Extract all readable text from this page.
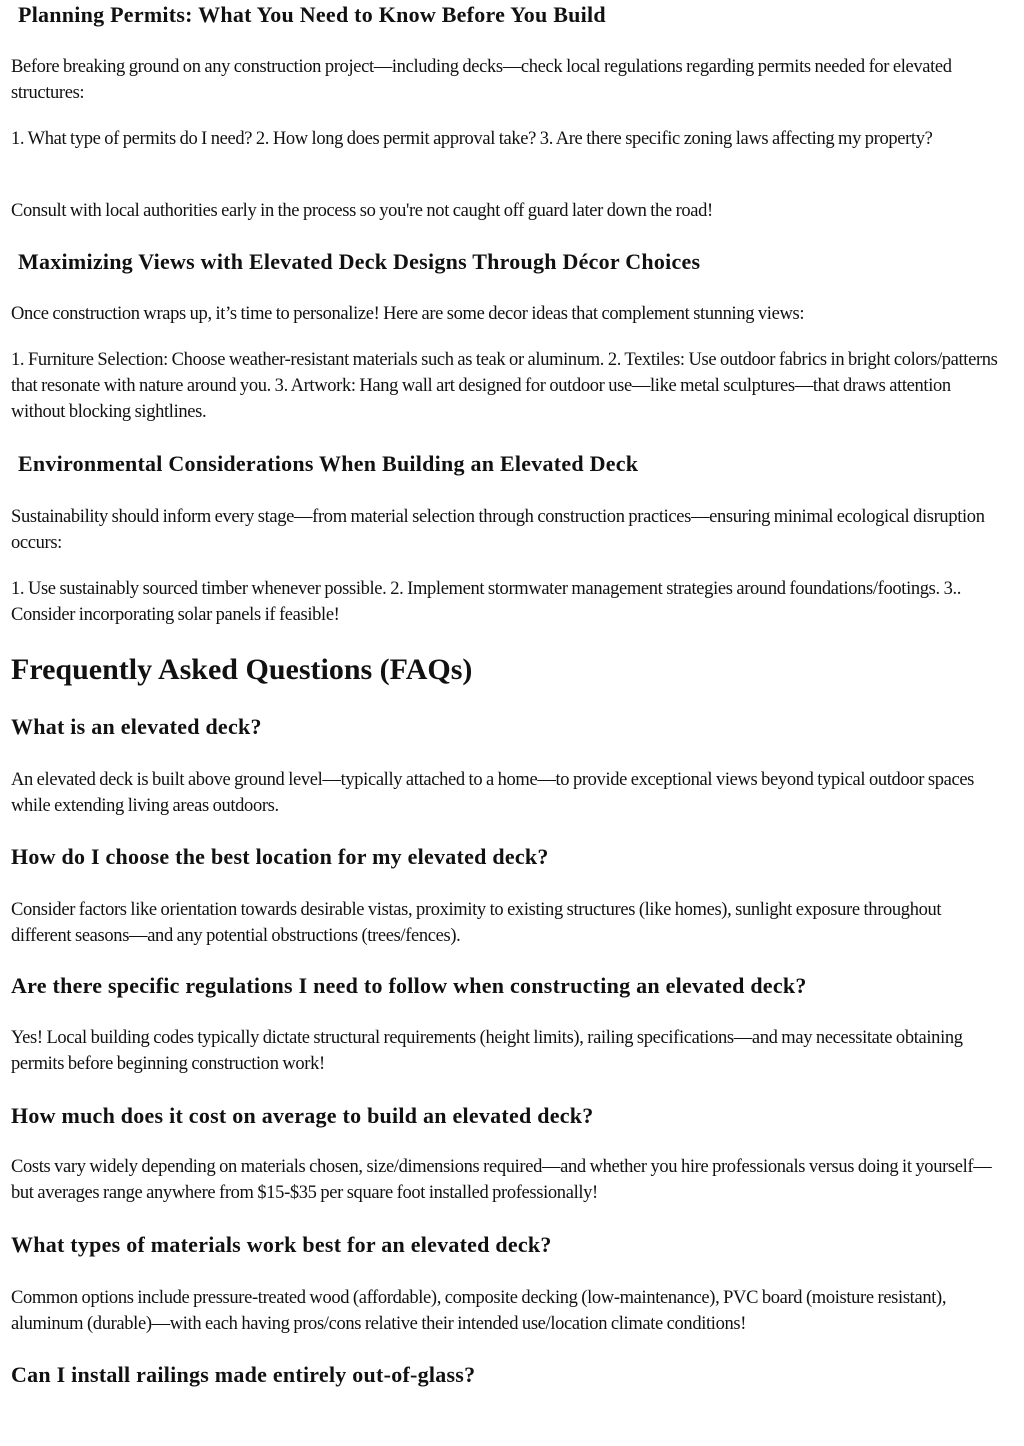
Planning Permits: What You Need to Know Before You Build

Before breaking ground on any construction project—including decks—check local regulations regarding permits needed for elevated structures:

1. What type of permits do I need? 2. How long does permit approval take? 3. Are there specific zoning laws affecting my property?

Consult with local authorities early in the process so you're not caught off guard later down the road!

Maximizing Views with Elevated Deck Designs Through Décor Choices

Once construction wraps up, it’s time to personalize! Here are some decor ideas that complement stunning views:

1. Furniture Selection: Choose weather-resistant materials such as teak or aluminum. 2. Textiles: Use outdoor fabrics in bright colors/patterns that resonate with nature around you. 3. Artwork: Hang wall art designed for outdoor use—like metal sculptures—that draws attention without blocking sightlines.

Environmental Considerations When Building an Elevated Deck

Sustainability should inform every stage—from material selection through construction practices—ensuring minimal ecological disruption occurs:

1. Use sustainably sourced timber whenever possible. 2. Implement stormwater management strategies around foundations/footings. 3.. Consider incorporating solar panels if feasible!

Frequently Asked Questions (FAQs)
What is an elevated deck?

An elevated deck is built above ground level—typically attached to a home—to provide exceptional views beyond typical outdoor spaces while extending living areas outdoors.

How do I choose the best location for my elevated deck?

Consider factors like orientation towards desirable vistas, proximity to existing structures (like homes), sunlight exposure throughout different seasons—and any potential obstructions (trees/fences).

Are there specific regulations I need to follow when constructing an elevated deck?

Yes! Local building codes typically dictate structural requirements (height limits), railing specifications—and may necessitate obtaining permits before beginning construction work!

How much does it cost on average to build an elevated deck?

Costs vary widely depending on materials chosen, size/dimensions required—and whether you hire professionals versus doing it yourself—but averages range anywhere from $15-$35 per square foot installed professionally!

What types of materials work best for an elevated deck?

Common options include pressure-treated wood (affordable), composite decking (low-maintenance), PVC board (moisture resistant), aluminum (durable)—with each having pros/cons relative their intended use/location climate conditions!

Can I install railings made entirely out-of-glass?
